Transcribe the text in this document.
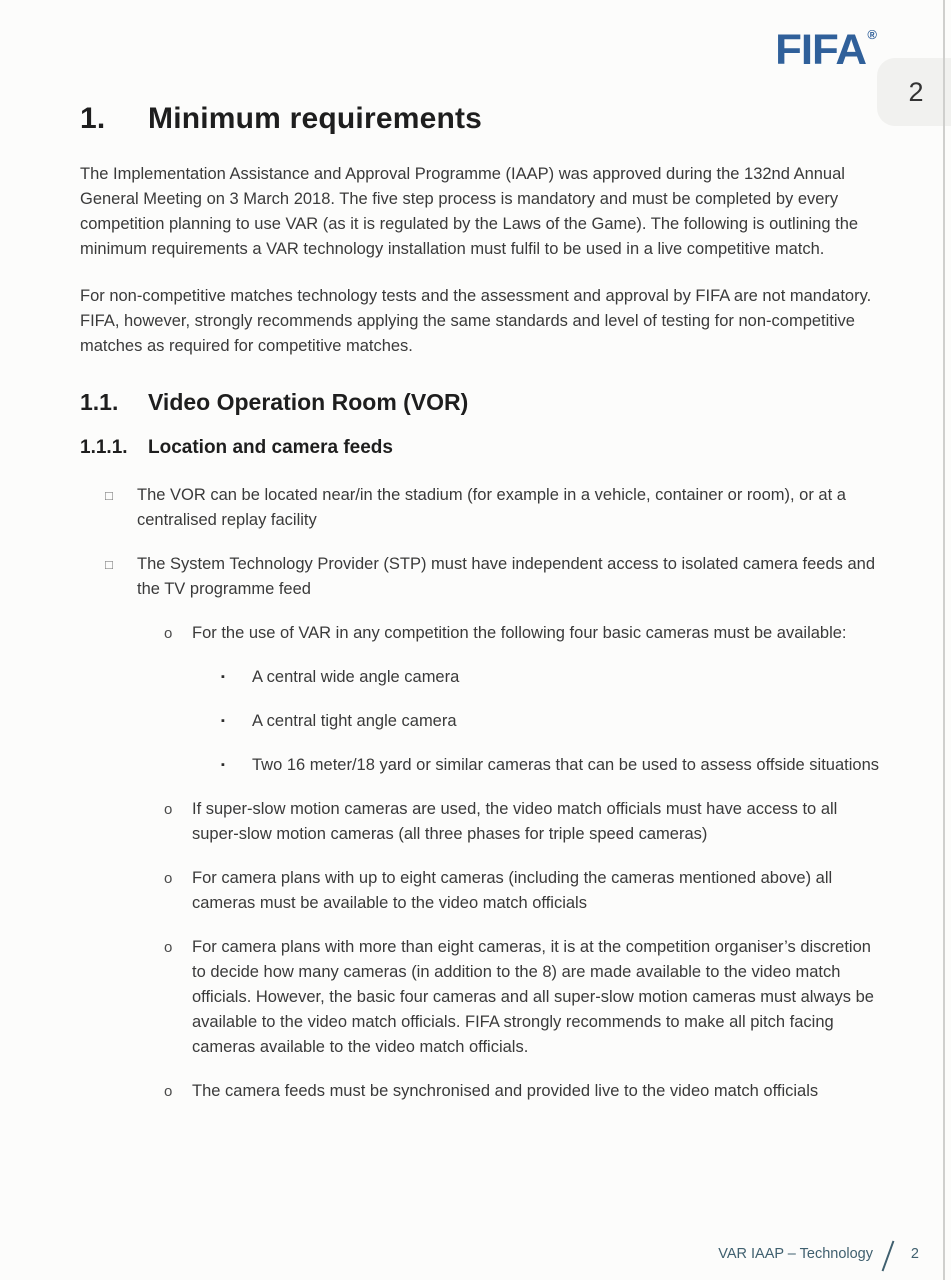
FIFA®
2
1.	Minimum requirements

The Implementation Assistance and Approval Programme (IAAP) was approved during the 132nd Annual General Meeting on 3 March 2018. The five step process is mandatory and must be completed by every competition planning to use VAR (as it is regulated by the Laws of the Game). The following is outlining the minimum requirements a VAR technology installation must fulfil to be used in a live competitive match.

For non-competitive matches technology tests and the assessment and approval by FIFA are not mandatory. FIFA, however, strongly recommends applying the same standards and level of testing for non-competitive matches as required for competitive matches.

1.1.	Video Operation Room (VOR)
1.1.1.	Location and camera feeds
□ The VOR can be located near/in the stadium (for example in a vehicle, container or room), or at a centralised replay facility
□ The System Technology Provider (STP) must have independent access to isolated camera feeds and the TV programme feed
o For the use of VAR in any competition the following four basic cameras must be available:
▪ A central wide angle camera
▪ A central tight angle camera
▪ Two 16 meter/18 yard or similar cameras that can be used to assess offside situations
o If super-slow motion cameras are used, the video match officials must have access to all super-slow motion cameras (all three phases for triple speed cameras)
o For camera plans with up to eight cameras (including the cameras mentioned above) all cameras must be available to the video match officials
o For camera plans with more than eight cameras, it is at the competition organiser’s discretion to decide how many cameras (in addition to the 8) are made available to the video match officials. However, the basic four cameras and all super-slow motion cameras must always be available to the video match officials. FIFA strongly recommends to make all pitch facing cameras available to the video match officials.
o The camera feeds must be synchronised and provided live to the video match officials
VAR IAAP – Technology	2
